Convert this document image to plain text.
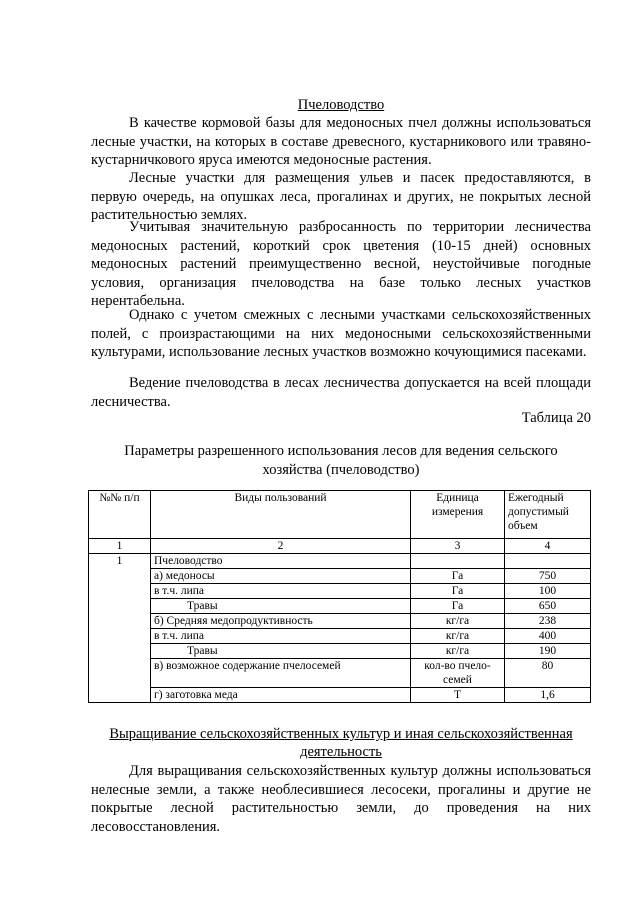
Пчеловодство

В качестве кормовой базы для медоносных пчел должны использоваться лесные участки, на которых в составе древесного, кустарникового или травяно-кустарничкового яруса имеются медоносные растения.

Лесные участки для размещения ульев и пасек предоставляются, в первую очередь, на опушках леса, прогалинах и других, не покрытых лесной растительностью землях.

Учитывая значительную разбросанность по территории лесничества медоносных растений, короткий срок цветения (10-15 дней) основных медоносных растений преимущественно весной, неустойчивые погодные условия, организация пчеловодства на базе только лесных участков нерентабельна.

Однако с учетом смежных с лесными участками сельскохозяйственных полей, с произрастающими на них медоносными сельскохозяйственными культурами, использование лесных участков возможно кочующимися пасеками.

Ведение пчеловодства в лесах лесничества допускается на всей площади лесничества.

Таблица 20
Параметры разрешенного использования лесов для ведения сельского
хозяйства (пчеловодство)
№№ п/п	Виды пользований	Единица измерения	Ежегодный допустимый объем
1	2	3	4
1	Пчеловодство		
	а) медоносы	Га	750
	в т.ч. липа	Га	100
	Травы	Га	650
	б) Средняя медопродуктивность	кг/га	238
	в т.ч. липа	кг/га	400
	Травы	кг/га	190
	в) возможное содержание пчелосемей	кол-во пчело-семей	80
	г) заготовка меда	Т	1,6
Выращивание сельскохозяйственных культур и иная сельскохозяйственная
деятельность

Для выращивания сельскохозяйственных культур должны использоваться нелесные земли, а также необлесившиеся лесосеки, прогалины и другие не покрытые лесной растительностью земли, до проведения на них лесовосстановления.
